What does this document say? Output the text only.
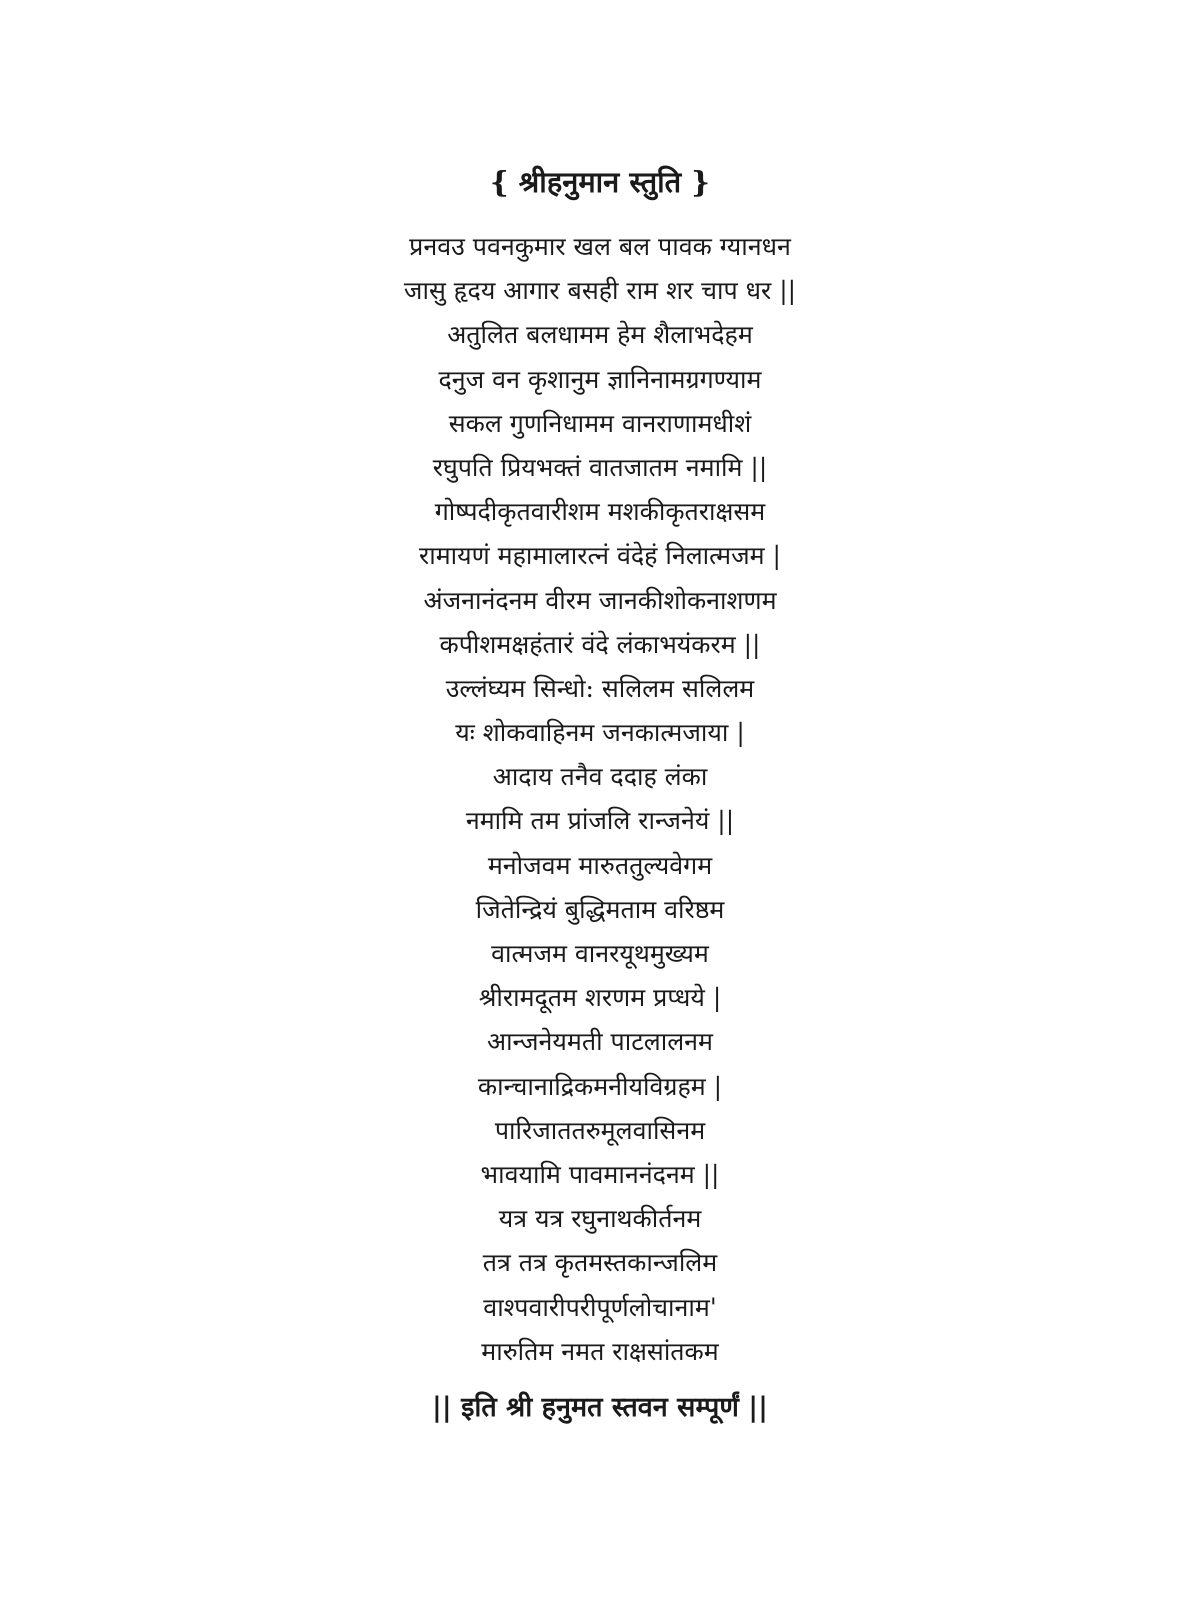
{ श्रीहनुमान स्तुति }
प्रनवउ पवनकुमार खल बल पावक ग्यानधन
जासु हृदय आगार बसही राम शर चाप धर ||
अतुलित बलधामम हेम शैलाभदेहम
दनुज वन कृशानुम ज्ञानिनामग्रगण्याम
सकल गुणनिधामम वानराणामधीशं
रघुपति प्रियभक्तं वातजातम नमामि ||
गोष्पदीकृतवारीशम मशकीकृतराक्षसम
रामायणं महामालारत्नं वंदेहं निलात्मजम |
अंजनानंदनम वीरम जानकीशोकनाशणम
कपीशमक्षहंतारं वंदे लंकाभयंकरम ||
उल्लंघ्यम सिन्धो: सलिलम सलिलम
यः शोकवाहिनम जनकात्मजाया |
आदाय तनैव ददाह लंका
नमामि तम प्रांजलि रान्जनेयं ||
मनोजवम मारुततुल्यवेगम
जितेन्द्रियं बुद्धिमताम वरिष्ठम
वात्मजम वानरयूथमुख्यम
श्रीरामदूतम शरणम प्रप्धये |
आन्जनेयमती पाटलालनम
कान्चानाद्रिकमनीयविग्रहम |
पारिजाततरुमूलवासिनम
भावयामि पावमाननंदनम ||
यत्र यत्र रघुनाथकीर्तनम
तत्र तत्र कृतमस्तकान्जलिम
वाश्पवारीपरीपूर्णलोचानाम'
मारुतिम नमत राक्षसांतकम

|| इति श्री हनुमत स्तवन सम्पूर्णं ||
